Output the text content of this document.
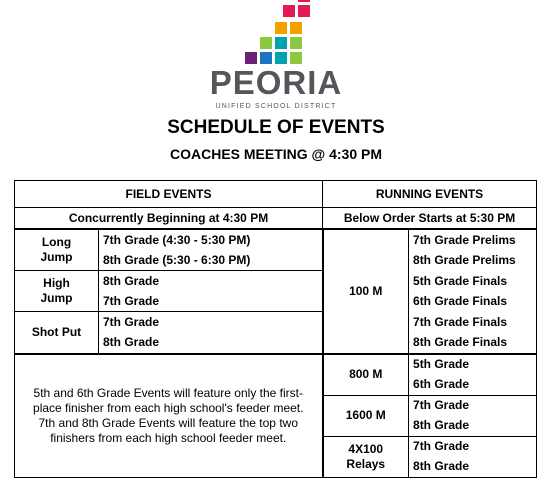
PEORIA
UNIFIED SCHOOL DISTRICT
SCHEDULE OF EVENTS
COACHES MEETING @ 4:30 PM
FIELD EVENTS		RUNNING EVENTS	
Concurrently Beginning at 4:30 PM		Below Order Starts at 5:30 PM	
Long
Jump	7th Grade (4:30 - 5:30 PM)	100 M	7th Grade Prelims
	8th Grade (5:30 - 6:30 PM)		8th Grade Prelims
High
Jump	8th Grade		5th Grade Finals
	7th Grade		6th Grade Finals
Shot Put	7th Grade		7th Grade Finals
	8th Grade		8th Grade Finals
5th and 6th Grade Events will feature only the first-
place finisher from each high school's feeder meet.
7th and 8th Grade Events will feature the top two
finishers from each high school feeder meet.		800 M	5th Grade
			6th Grade
		1600 M	7th Grade
			8th Grade
		4X100
Relays	7th Grade
			8th Grade
